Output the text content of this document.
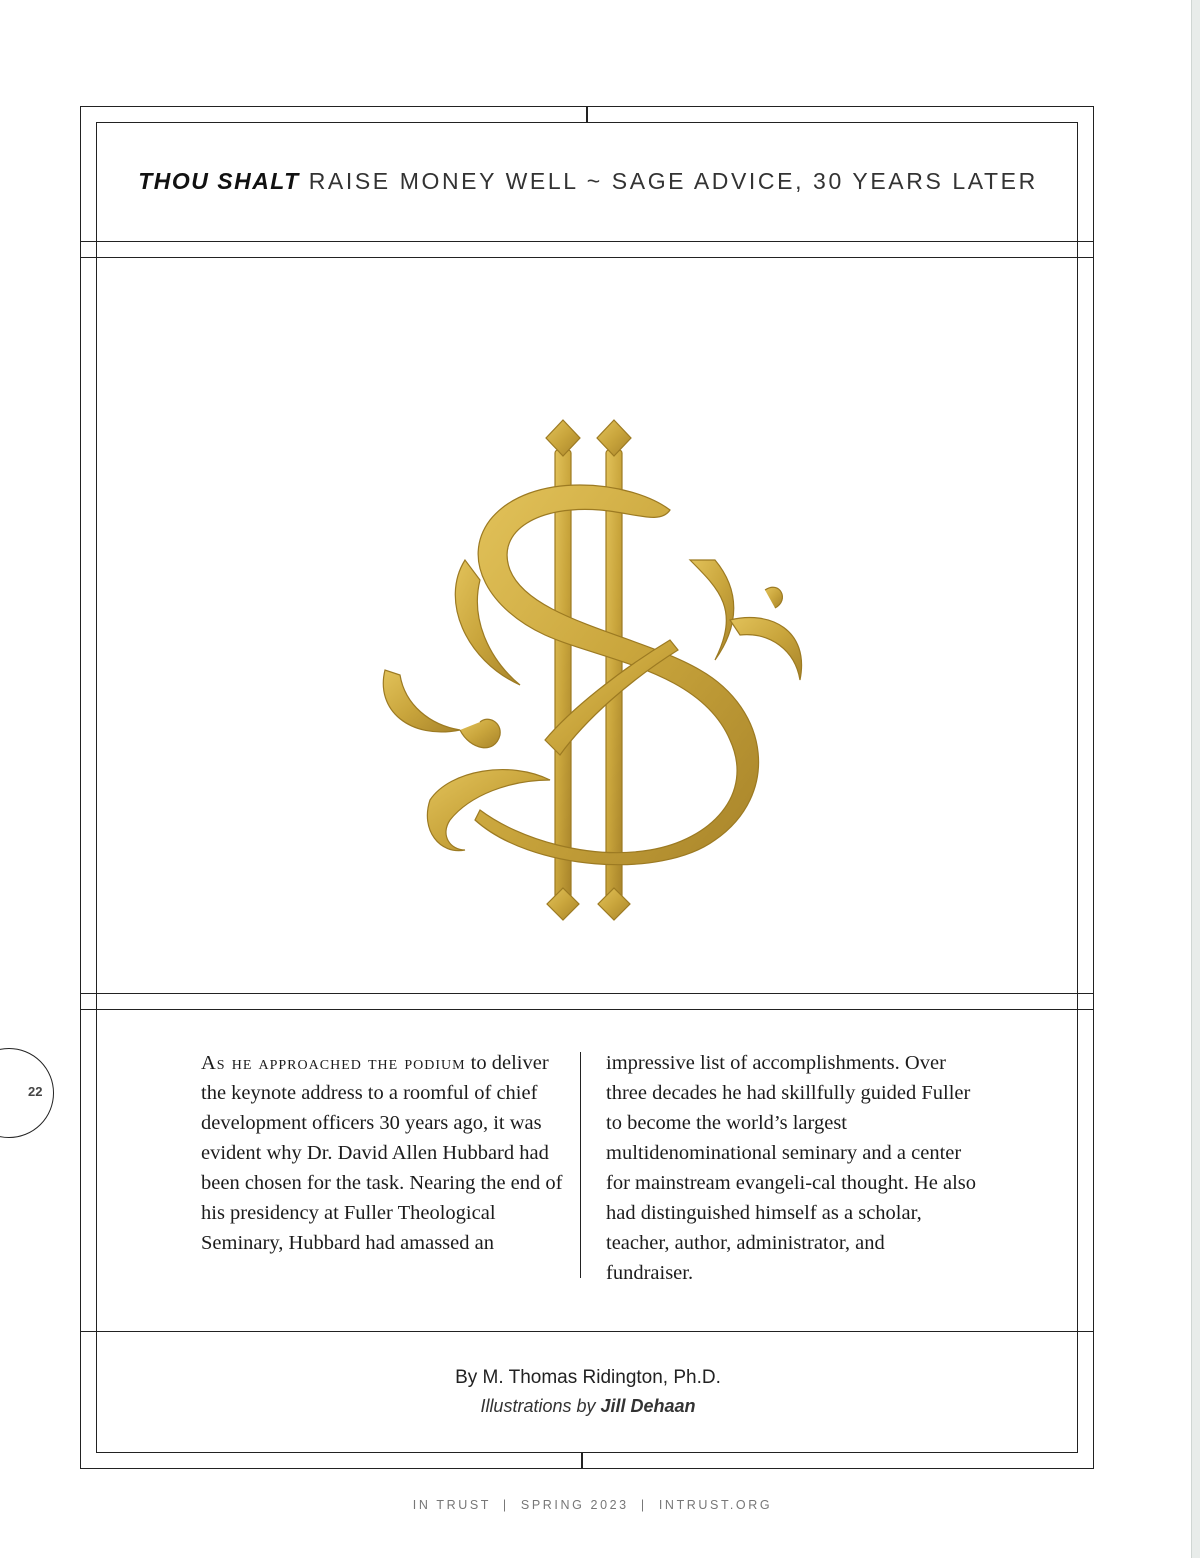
THOU SHALT RAISE MONEY WELL ~ SAGE ADVICE, 30 YEARS LATER
22

As he approached the podium to deliver the keynote address to a roomful of chief development officers 30 years ago, it was evident why Dr. David Allen Hubbard had been chosen for the task. Nearing the end of his presidency at Fuller Theological Seminary, Hubbard had amassed an

impressive list of accomplishments. Over three decades he had skillfully guided Fuller to become the world’s largest multidenominational seminary and a center for mainstream evangeli-cal thought. He also had distinguished himself as a scholar, teacher, author, administrator, and fundraiser.

By M. Thomas Ridington, Ph.D.
Illustrations by Jill Dehaan
IN TRUST  |  SPRING 2023  |  INTRUST.ORG
